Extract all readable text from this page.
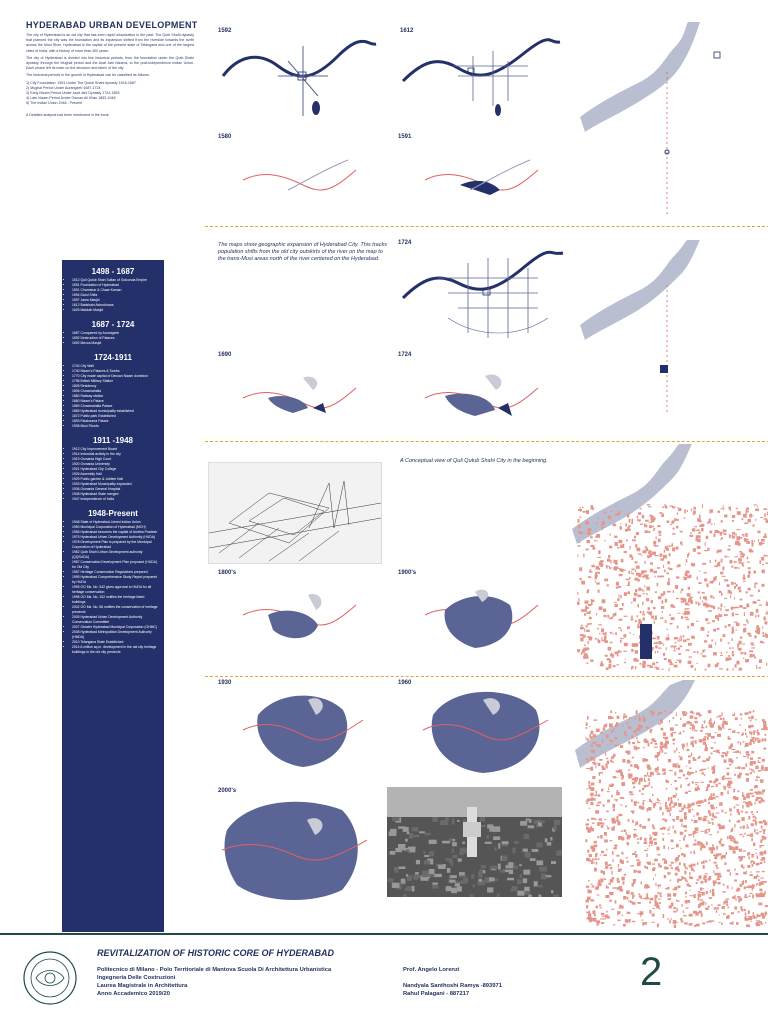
HYDERABAD URBAN DEVELOPMENT

The city of Hyderabad is an old city that has seen rapid urbanization in the past. The Qutb Shahi dynasty that planned the city was the foundation and its expansion shifted from the riverside towards the north across the Musi River. Hyderabad is the capital of the present state of Telangana and one of the largest cities of India, with a history of more than 400 years.

The city of Hyderabad is divided into five historical periods, from the foundation under the Qutb Shahi dynasty, through the Mughal period and the Asaf Jahi Nizams, to the post-independence Indian Union. Each phase left its mark on the structure and fabric of the city.

The historical periods in the growth of Hyderabad can be classified as follows:

1) City Foundation: 1591 Under The Qutub Shahi dynasty 1518-1687
2) Mughal Period Under Aurangzeb 1687-1724
3) Early Nizam Period Under Asaf Jahi Dynasty 1724-1853
4) Late Nizam Period Under Osman Ali Khan 1853-1948
5) The Indian Union 1948 - Present

A Detailed analysis has been mentioned in the book.

1498 - 1687
• 1512 Quli Qutub Shah Sultan of Golconda Empire
• 1591 Foundation of Hyderabad
• 1591 Charminar & Chaar Kaman
• 1594 Darul Shifa
• 1597 Jama Masjid
• 1612 Badshahi Ashurkhana
• 1625 Makkah Masjid
1687 - 1724
• 1687 Conquered by Aurangzeb
• 1692 Destruction of Palaces
• 1692 Mecca Masjid
1724-1911
• 1740 City Wall
• 1740 Nizam's Palaces & Tombs
• 1770 City made capital of Deccan Nizam dominion
• 1798 British Military Station
• 1805 Residency
• 1806 Chowmahalla
• 1880 Railway station
• 1860 Nizam's Palace
• 1869 Chowmahalla Palace
• 1869 Hyderabad municipality established
• 1872 Public park Established
• 1893 Falaknuma Palace
• 1908 Musi Floods
1911 -1948
• 1912 City Improvement Board
• 1914 Industrial activity in the city
• 1919 Osmania High Court
• 1920 Osmania University
• 1921 Hyderabad City College
• 1926 Assembly Hall
• 1929 Public garden & Jubilee Hall
• 1933 Hyderabad Municipality expanded
• 1936 Osmania General Hospital
• 1948 Hyderabad State merged
• 1947 Independence of India
1948-Present
• 1948 State of Hyderabad Joined Indian Union
• 1950 Municipal Corporation of Hyderabad (MCH)
• 1956 Hyderabad becomes the capital of Andhra Pradesh
• 1975 Hyderabad Urban Development Authority (HUDA)
• 1978 Development Plan is prepared by the Municipal Corporation of Hyderabad
• 1982 Qutb Shahi Urban Development authority (QQSUDA)
• 1987 Conservation Development Plan proposed (HUDA) for Old City
• 1987 Heritage Conservation Regulations prepared
• 1995 Hyderabad Comprehensive Study Report prepared by HUDA
• 1995 GO Ms. No. 542 gives approval to HUDA for all heritage conservation
• 1998 GO Ms. No. 102 notifies the heritage listed buildings
• 2002 GO Ms. No. 86 notifies the conservation of heritage precincts
• 2005 Hyderabad Urban Development Authority Conservation Committee
• 2007 Greater Hyderabad Municipal Corporation (GHMC)
• 2008 Hyderabad Metropolitan Development Authority (HMDA)
• 2010 Telangana State Established
• 2014 A million sq.m. development in the old city heritage buildings in the old city precincts
1592	1612
1580	1591
The maps show geographic expansion of Hyderabad City. This tracks population shifts from the old city outskirts of the river on the map to the trans-Musi areas north of the river centered on the Hyderabad.
1724
1690	1724
A Conceptual view of Quli Qutub Shahi City in the beginning.
1800's	1900's
1930	1960
2000's
REVITALIZATION OF HISTORIC CORE OF HYDERABAD
Politecnico di Milano - Polo Territoriale di Mantova Scuola Di Architettura Urbanistica
Ingegneria Delle Costruzioni
Laurea Magistrale in Architettura
Anno Accademico 2019/20
Prof. Angelo Lorenzi
Nandyala Santhoshi Ramya -893971
Rahul Palagani - 887217	2
